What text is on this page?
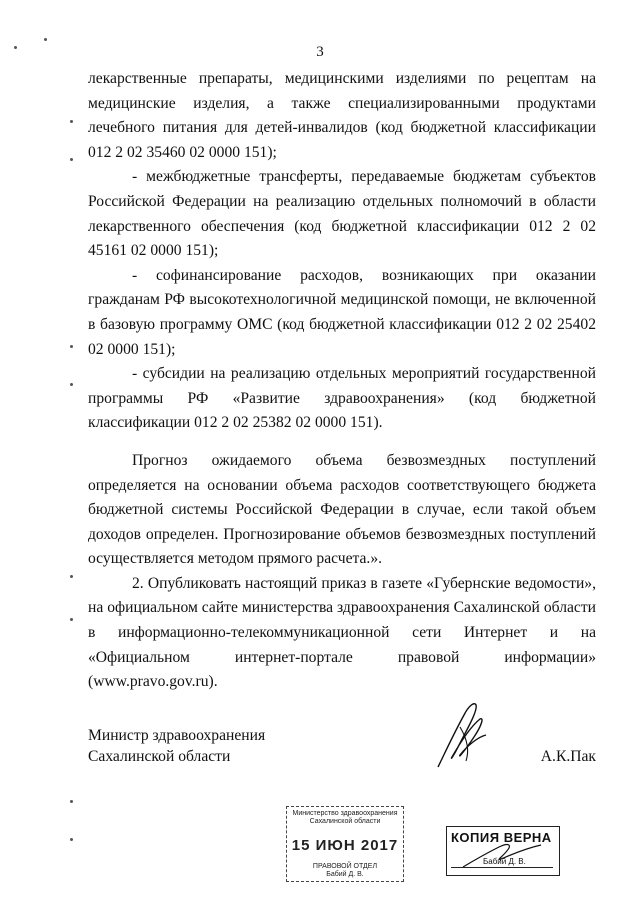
3

лекарственные препараты, медицинскими изделиями по рецептам на медицинские изделия, а также специализированными продуктами лечебного питания для детей-инвалидов (код бюджетной классификации 012 2 02 35460 02 0000 151);

- межбюджетные трансферты, передаваемые бюджетам субъектов Российской Федерации на реализацию отдельных полномочий в области лекарственного обеспечения (код бюджетной классификации 012 2 02 45161 02 0000 151);

- софинансирование расходов, возникающих при оказании гражданам РФ высокотехнологичной медицинской помощи, не включенной в базовую программу ОМС (код бюджетной классификации 012 2 02 25402 02 0000 151);

- субсидии на реализацию отдельных мероприятий государственной программы РФ «Развитие здравоохранения» (код бюджетной классификации 012 2 02 25382 02 0000 151).

Прогноз ожидаемого объема безвозмездных поступлений определяется на основании объема расходов соответствующего бюджета бюджетной системы Российской Федерации в случае, если такой объем доходов определен. Прогнозирование объемов безвозмездных поступлений осуществляется методом прямого расчета.».

2. Опубликовать настоящий приказ в газете «Губернские ведомости», на официальном сайте министерства здравоохранения Сахалинской области в информационно-телекоммуникационной сети Интернет и на «Официальном интернет-портале правовой информации» (www.pravo.gov.ru).

Министр здравоохранения
Сахалинской области	А.К.Пак
Министерство здравоохранения
Сахалинской области
15 ИЮН 2017
ПРАВОВОЙ ОТДЕЛ
Бабий Д. В.
КОПИЯ ВЕРНА
Бабий Д. В.
